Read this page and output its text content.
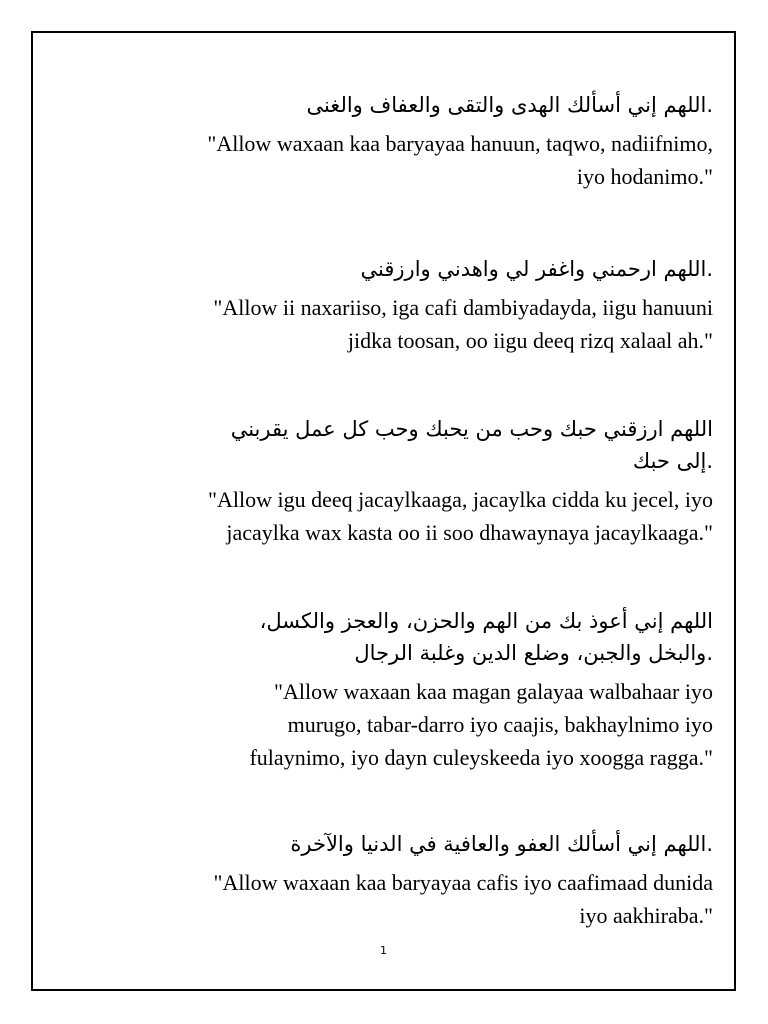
.اللهم إني أسألك الهدى والتقى والعفاف والغنى
"Allow waxaan kaa baryayaa hanuun, taqwo, nadiifnimo,
iyo hodanimo."
.اللهم ارحمني واغفر لي واهدني وارزقني
"Allow ii naxariiso, iga cafi dambiyadayda, iigu hanuuni
jidka toosan, oo iigu deeq rizq xalaal ah."
اللهم ارزقني حبك وحب من يحبك وحب كل عمل يقربني
.إلى حبك
"Allow igu deeq jacaylkaaga, jacaylka cidda ku jecel, iyo
jacaylka wax kasta oo ii soo dhawaynaya jacaylkaaga."
اللهم إني أعوذ بك من الهم والحزن، والعجز والكسل،
.والبخل والجبن، وضلع الدين وغلبة الرجال
"Allow waxaan kaa magan galayaa walbahaar iyo
murugo, tabar-darro iyo caajis, bakhaylnimo iyo
fulaynimo, iyo dayn culeyskeeda iyo xoogga ragga."
.اللهم إني أسألك العفو والعافية في الدنيا والآخرة
"Allow waxaan kaa baryayaa cafis iyo caafimaad dunida
iyo aakhiraba."
1
